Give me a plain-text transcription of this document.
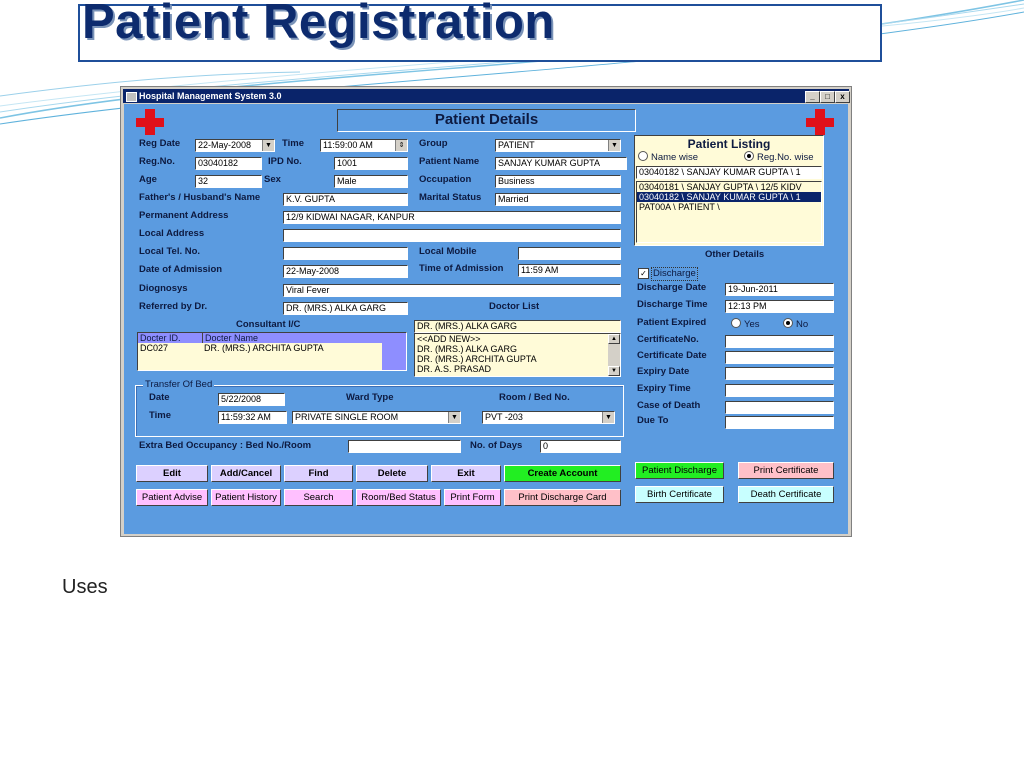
Patient Registration
Hospital Management System 3.0	_	□	x
Patient Details
Reg Date	22-May-2008	▼ Time	11:59:00 AM	⇕ Group	PATIENT	▼
Reg.No.	03040182	IPD No.	1001	Patient Name	SANJAY KUMAR GUPTA
Age	32	Sex	Male	Occupation	Business
Father's / Husband's Name	K.V. GUPTA	Marital Status	Married
Permanent Address	12/9 KIDWAI NAGAR, KANPUR
Local Address
Local Tel. No.	Local Mobile
Date of Admission	22-May-2008	Time of Admission	11:59 AM
Diognosys	Viral Fever
Referred by Dr.	DR. (MRS.) ALKA GARG	Doctor List
Consultant I/C
Docter ID.	Docter Name
DC027	DR. (MRS.) ARCHITA GUPTA
DR. (MRS.) ALKA GARG
<<ADD NEW>>
DR. (MRS.) ALKA GARG
DR. (MRS.) ARCHITA GUPTA
DR. A.S. PRASAD
▲
▼
Transfer Of Bed
Date	5/22/2008	Ward Type	Room / Bed No.
Time	11:59:32 AM	PRIVATE SINGLE ROOM	▼	PVT -203	▼
Extra Bed Occupancy : Bed No./Room	No. of Days	0
Edit	Add/Cancel	Find	Delete	Exit	Create Account
Patient Advise	Patient History	Search	Room/Bed Status	Print Form	Print Discharge Card
Patient Listing
Name wise	Reg.No. wise
03040182 \ SANJAY KUMAR GUPTA \ 1
03040181 \ SANJAY GUPTA \ 12/5 KIDV
03040182 \ SANJAY KUMAR GUPTA \ 1
PAT00A \ PATIENT \
Other Details
✓ Discharge
Discharge Date	19-Jun-2011
Discharge Time	12:13 PM
Patient Expired	Yes	No
CertificateNo.
Certificate Date
Expiry Date
Expiry Time
Case of Death
Due To
Patient Discharge	Print Certificate
Birth Certificate	Death Certificate
Uses
